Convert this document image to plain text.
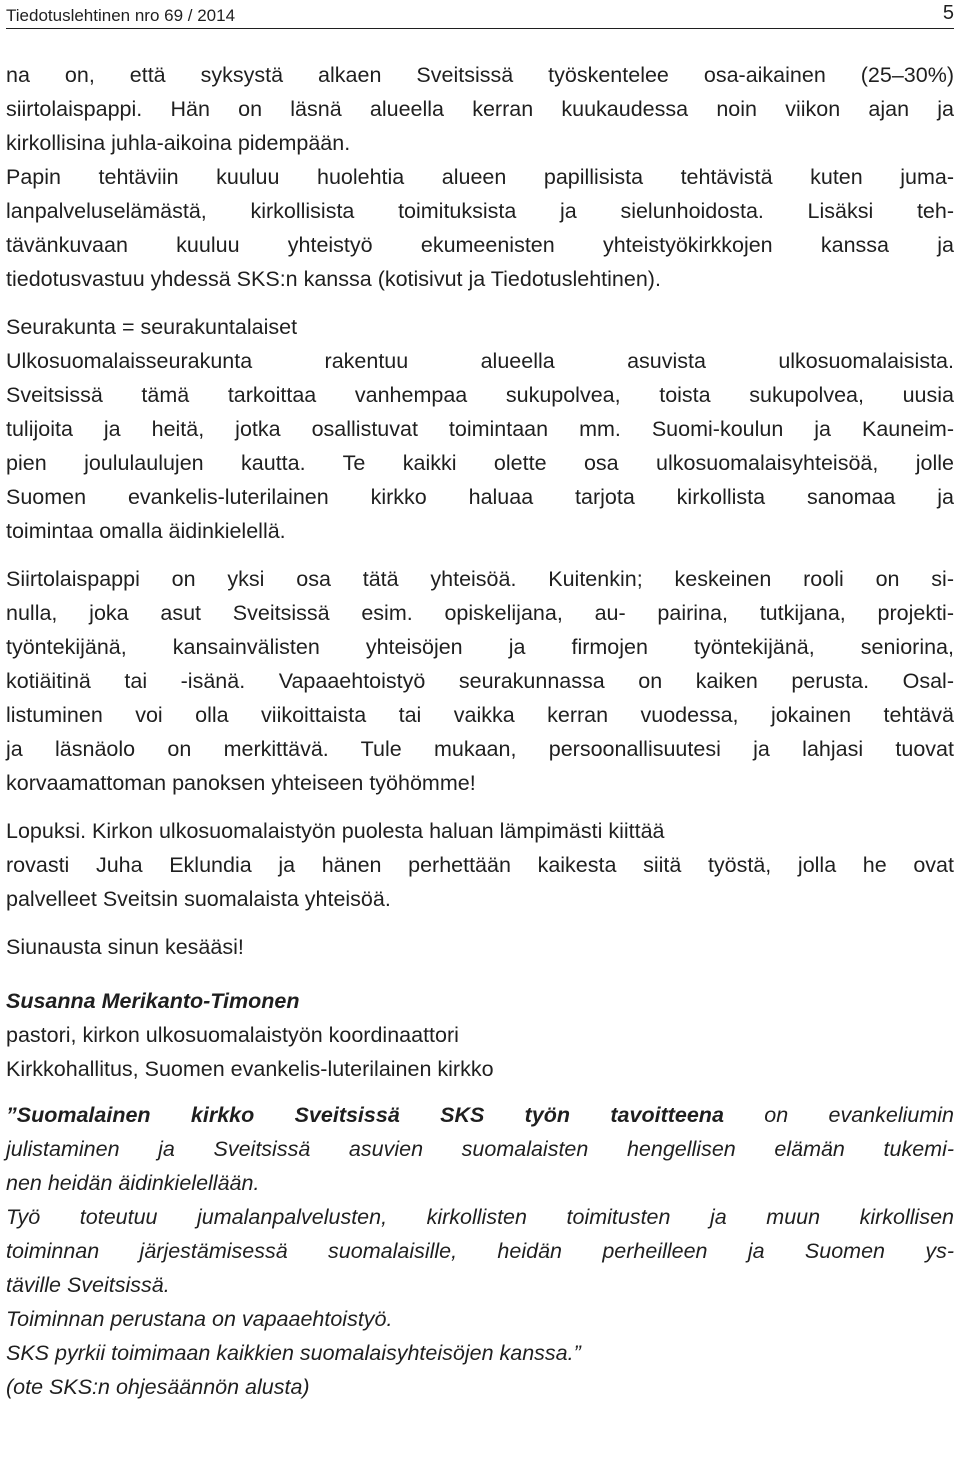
Tiedotuslehtinen nro 69 / 2014	5
na on, että syksystä alkaen Sveitsissä työskentelee osa-aikainen (25–30%)
siirtolaispappi. Hän on läsnä alueella kerran kuukaudessa noin viikon ajan ja
kirkollisina juhla-aikoina pidempään.
Papin tehtäviin kuuluu huolehtia alueen papillisista tehtävistä kuten juma-
lanpalveluselämästä, kirkollisista toimituksista ja sielunhoidosta. Lisäksi teh-
tävänkuvaan kuuluu yhteistyö ekumeenisten yhteistyökirkkojen kanssa ja
tiedotusvastuu yhdessä SKS:n kanssa (kotisivut ja Tiedotuslehtinen).
Seurakunta = seurakuntalaiset
Ulkosuomalaisseurakunta rakentuu alueella asuvista ulkosuomalaisista.
Sveitsissä tämä tarkoittaa vanhempaa sukupolvea, toista sukupolvea, uusia
tulijoita ja heitä, jotka osallistuvat toimintaan mm. Suomi-koulun ja Kauneim-
pien joululaulujen kautta. Te kaikki olette osa ulkosuomalaisyhteisöä, jolle
Suomen evankelis-luterilainen kirkko haluaa tarjota kirkollista sanomaa ja
toimintaa omalla äidinkielellä.
Siirtolaispappi on yksi osa tätä yhteisöä. Kuitenkin; keskeinen rooli on si-
nulla, joka asut Sveitsissä esim. opiskelijana, au- pairina, tutkijana, projekti-
työntekijänä, kansainvälisten yhteisöjen ja firmojen työntekijänä, seniorina,
kotiäitinä tai -isänä. Vapaaehtoistyö seurakunnassa on kaiken perusta. Osal-
listuminen voi olla viikoittaista tai vaikka kerran vuodessa, jokainen tehtävä
ja läsnäolo on merkittävä. Tule mukaan, persoonallisuutesi ja lahjasi tuovat
korvaamattoman panoksen yhteiseen työhömme!
Lopuksi. Kirkon ulkosuomalaistyön puolesta haluan lämpimästi kiittää
rovasti Juha Eklundia ja hänen perhettään kaikesta siitä työstä, jolla he ovat
palvelleet Sveitsin suomalaista yhteisöä.
Siunausta sinun kesääsi!
Susanna Merikanto-Timonen
pastori, kirkon ulkosuomalaistyön koordinaattori
Kirkkohallitus, Suomen evankelis-luterilainen kirkko
”Suomalainen kirkko Sveitsissä SKS työn tavoitteena on evankeliumin
julistaminen ja Sveitsissä asuvien suomalaisten hengellisen elämän tukemi-
nen heidän äidinkielellään.
Työ toteutuu jumalanpalvelusten, kirkollisten toimitusten ja muun kirkollisen
toiminnan järjestämisessä suomalaisille, heidän perheilleen ja Suomen ys-
täville Sveitsissä.
Toiminnan perustana on vapaaehtoistyö.
SKS pyrkii toimimaan kaikkien suomalaisyhteisöjen kanssa.”
(ote SKS:n ohjesäännön alusta)
